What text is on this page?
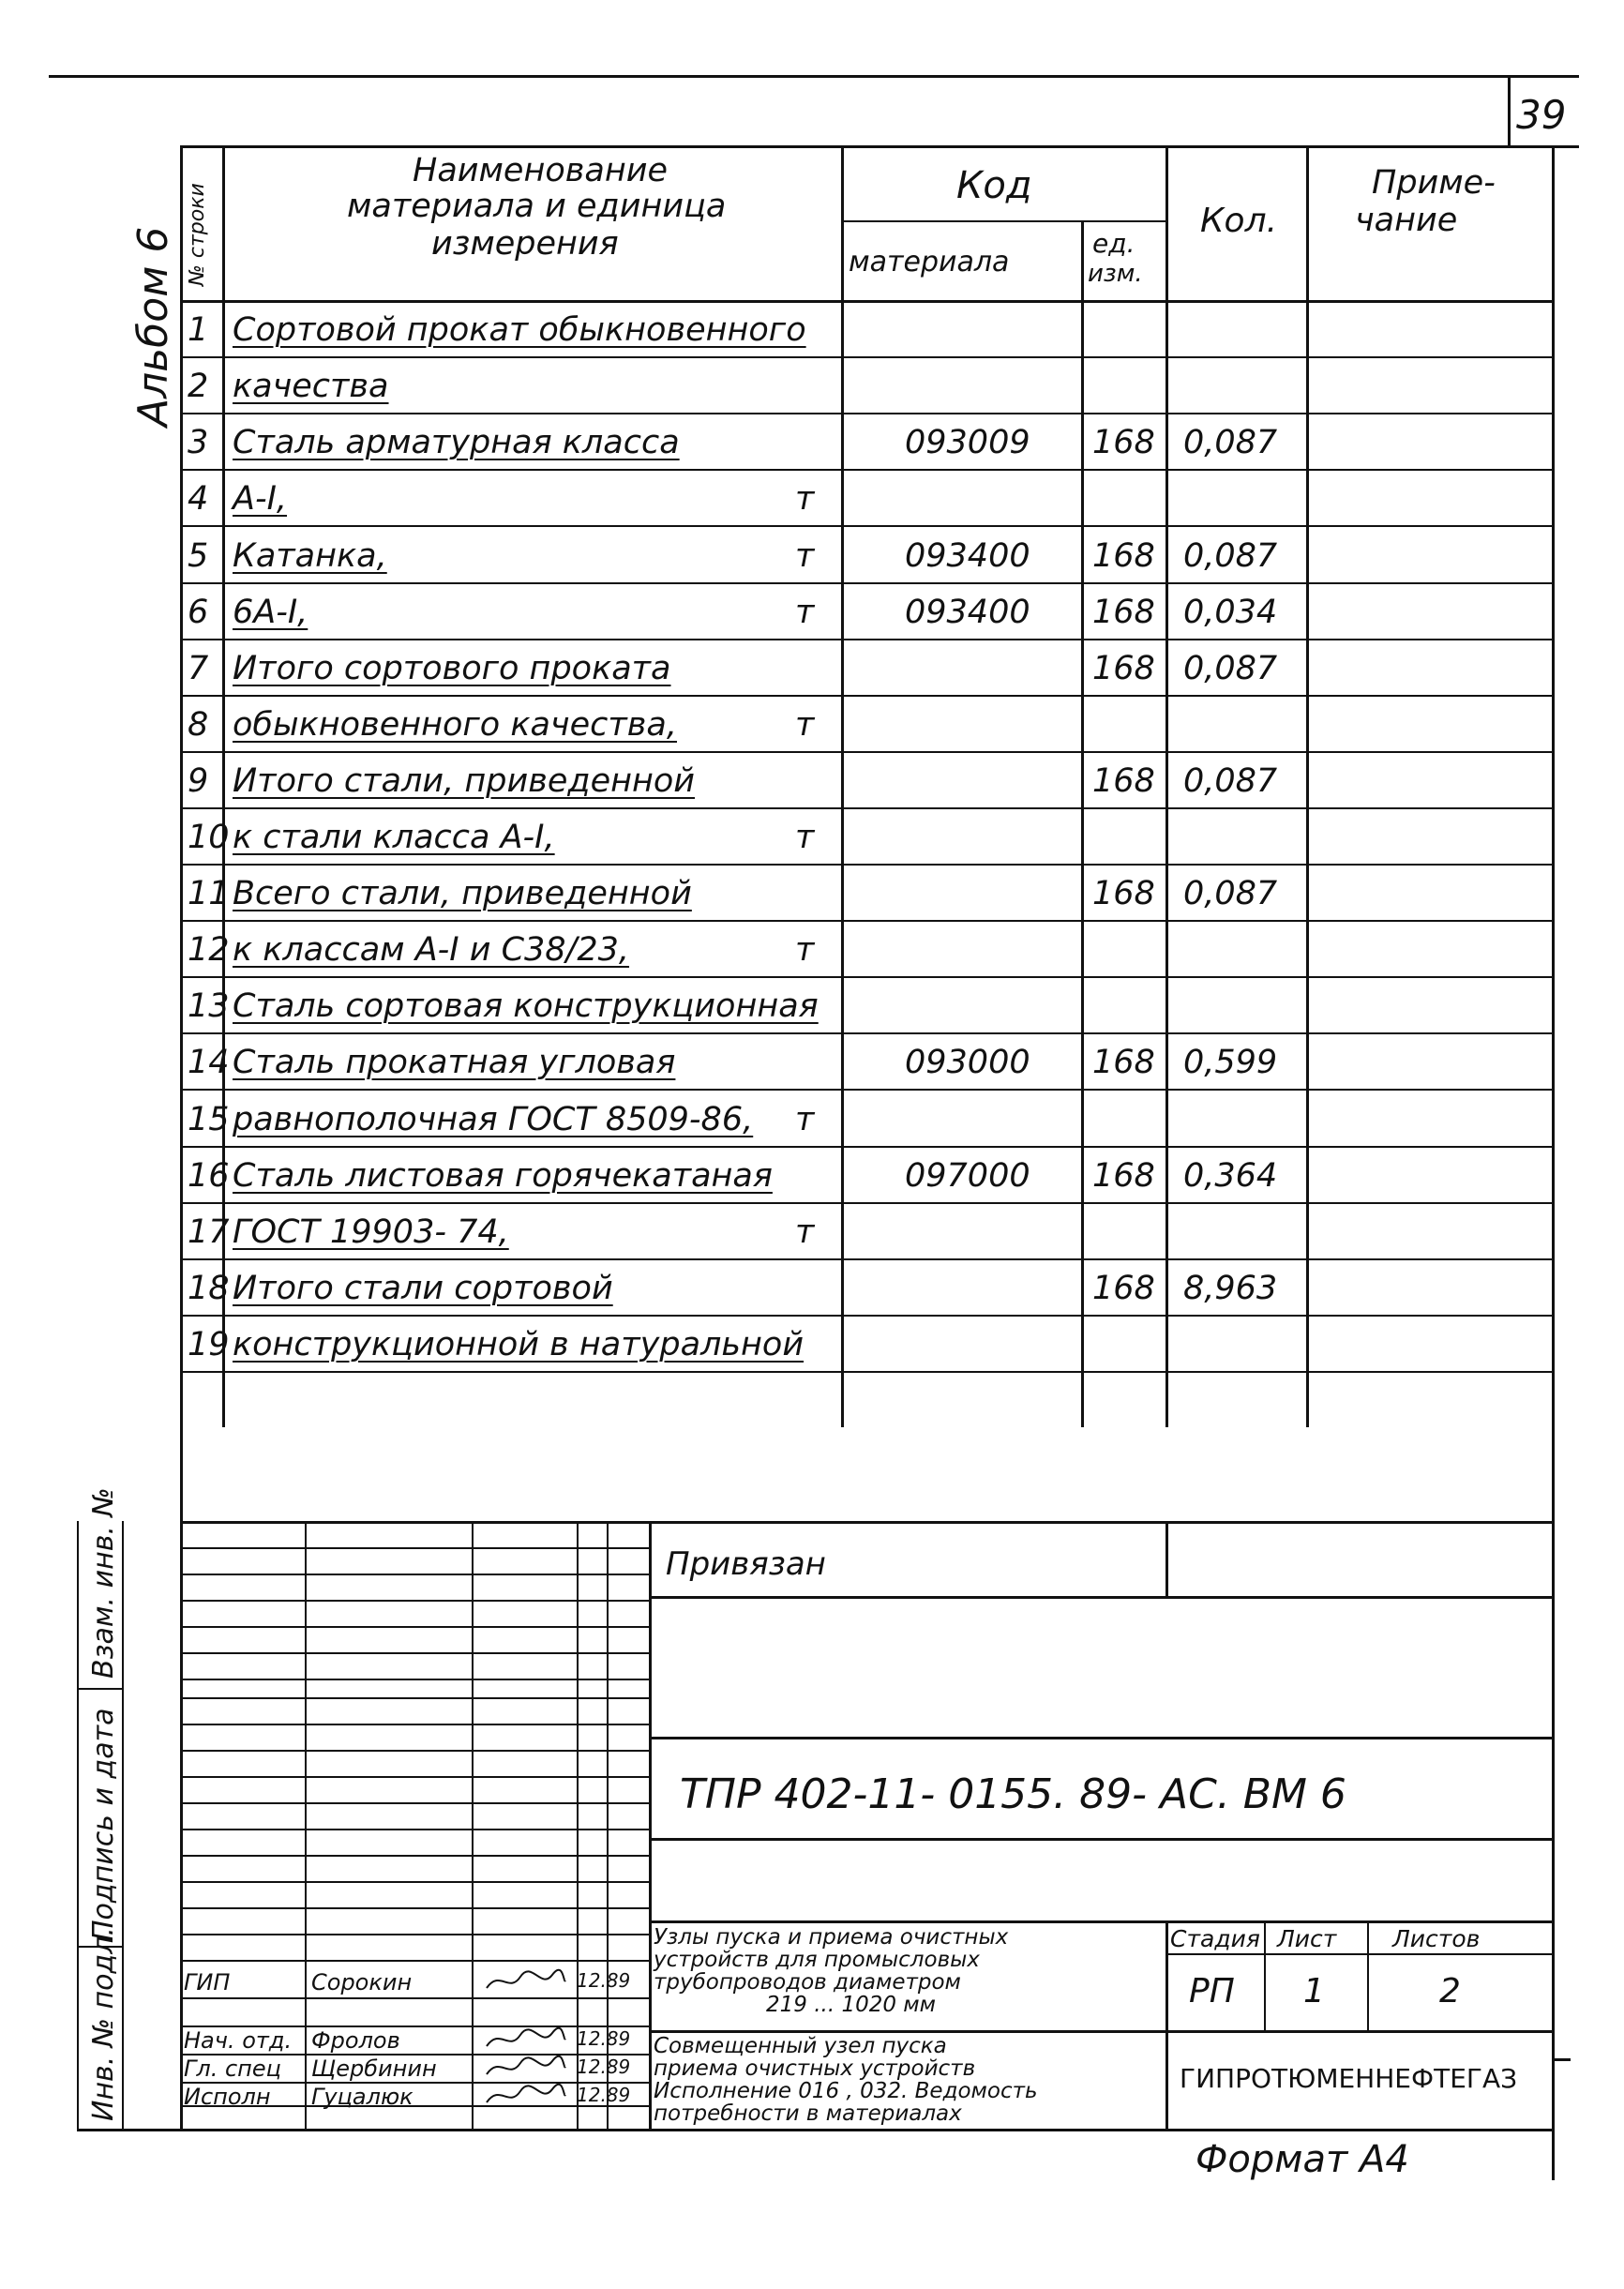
39
Альбом 6 № строки
Наименование
материала и единица
измерения
Код
материала
ед.
изм.
Кол.
Приме-
чание
1 Сортовой прокат обыкновенного
2 качества
3 Сталь арматурная класса	093009 168 0,087
4 A-I,	т
5 Катанка,	т	093400 168 0,087
6 6A-I,	т	093400 168 0,034
7 Итого сортового проката	168 0,087
8 обыкновенного качества,	т
9 Итого стали, приведенной	168 0,087
10 к стали класса A-I,	т
11 Всего стали, приведенной	168 0,087
12 к классам A-I и С38/23,	т
13 Сталь сортовая конструкционная
14 Сталь прокатная угловая	093000 168 0,599
15 равнополочная ГОСТ 8509-86, т
16 Сталь листовая горячекатаная	097000 168 0,364
17 ГОСТ 19903- 74,	т
18 Итого стали сортовой	168 8,963
19 конструкционной в натуральной
Взам. инв. №
Подпись и дата
Инв. № подл.	ГИП	Сорокин	12.89
Нач. отд. Фролов	12.89
Гл. спец Щербинин	12.89
Исполн Гуцалюк	12.89
Привязан
ТПР 402-11- 0155. 89- АС. ВМ 6
Узлы пуска и приема очистных
устройств для промысловых
трубопроводов диаметром
219 ... 1020 мм
Совмещенный узел пуска
приема очистных устройств
Исполнение 016 , 032. Ведомость
потребности в материалах
Стадия Лист Листов
РП 1	2
ГИПРОТЮМЕННЕФТЕГАЗ
Формат А4
